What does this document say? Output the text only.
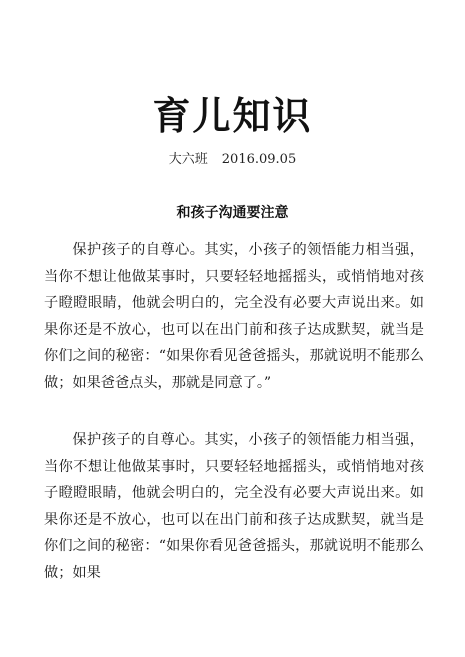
育儿知识
大六班 2016.09.05
和孩子沟通要注意

保护孩子的自尊心。其实，小孩子的领悟能力相当强，当你不想让他做某事时，只要轻轻地摇摇头，或悄悄地对孩子瞪瞪眼睛，他就会明白的，完全没有必要大声说出来。如果你还是不放心，也可以在出门前和孩子达成默契，就当是你们之间的秘密：“如果你看见爸爸摇头，那就说明不能那么做；如果爸爸点头，那就是同意了。”

保护孩子的自尊心。其实，小孩子的领悟能力相当强，当你不想让他做某事时，只要轻轻地摇摇头，或悄悄地对孩子瞪瞪眼睛，他就会明白的，完全没有必要大声说出来。如果你还是不放心，也可以在出门前和孩子达成默契，就当是你们之间的秘密：“如果你看见爸爸摇头，那就说明不能那么做；如果
